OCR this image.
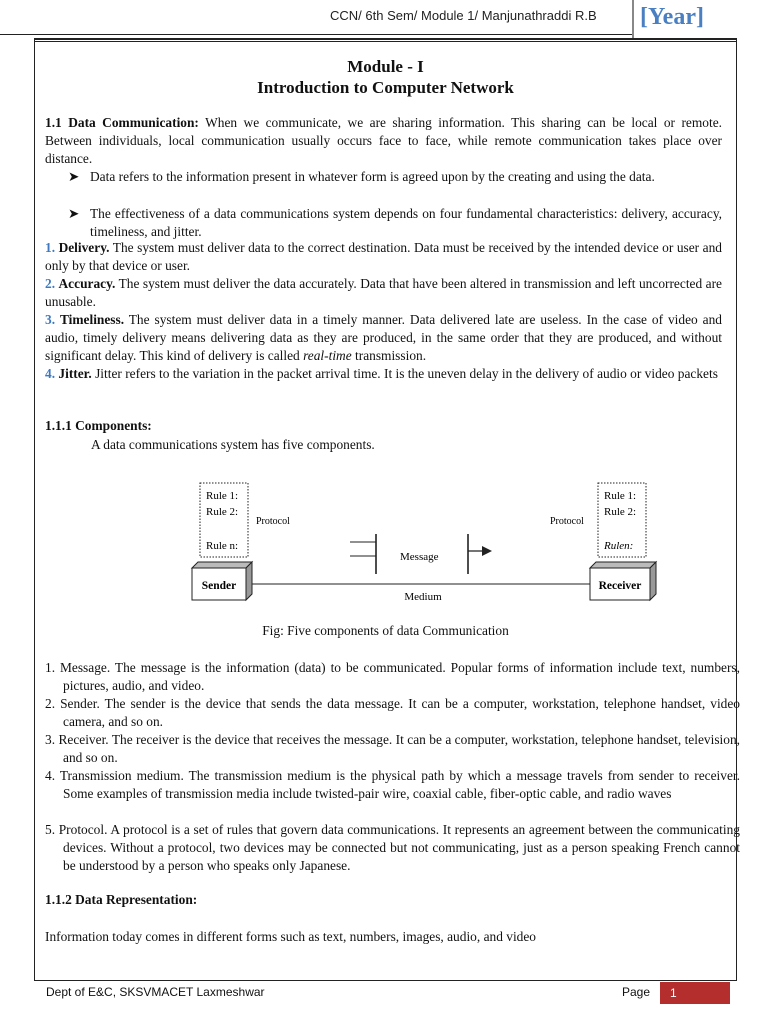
CCN/ 6th Sem/ Module 1/ Manjunathraddi R.B [Year]
Module - I
Introduction to Computer Network
1.1 Data Communication: When we communicate, we are sharing information. This sharing can be local or remote. Between individuals, local communication usually occurs face to face, while remote communication takes place over distance.
➤ Data refers to the information present in whatever form is agreed upon by the creating and using the data.
➤ The effectiveness of a data communications system depends on four fundamental characteristics: delivery, accuracy, timeliness, and jitter.
1. Delivery. The system must deliver data to the correct destination. Data must be received by the intended device or user and only by that device or user.
2. Accuracy. The system must deliver the data accurately. Data that have been altered in transmission and left uncorrected are unusable.
3. Timeliness. The system must deliver data in a timely manner. Data delivered late are useless. In the case of video and audio, timely delivery means delivering data as they are produced, in the same order that they are produced, and without significant delay. This kind of delivery is called real-time transmission.
4. Jitter. Jitter refers to the variation in the packet arrival time. It is the uneven delay in the delivery of audio or video packets
1.1.1 Components:
A data communications system has five components.
Rule 1:
Rule 2:
Rule n:
Protocol
Rule 1:
Rule 2:
Rulen:
Protocol
Message
Sender	Receiver
Medium
Fig: Five components of data Communication
1. Message. The message is the information (data) to be communicated. Popular forms of information include text, numbers, pictures, audio, and video.
2. Sender. The sender is the device that sends the data message. It can be a computer, workstation, telephone handset, video camera, and so on.
3. Receiver. The receiver is the device that receives the message. It can be a computer, workstation, telephone handset, television, and so on.
4. Transmission medium. The transmission medium is the physical path by which a message travels from sender to receiver. Some examples of transmission media include twisted-pair wire, coaxial cable, fiber-optic cable, and radio waves
5. Protocol. A protocol is a set of rules that govern data communications. It represents an agreement between the communicating devices. Without a protocol, two devices may be connected but not communicating, just as a person speaking French cannot be understood by a person who speaks only Japanese.
1.1.2 Data Representation:
Information today comes in different forms such as text, numbers, images, audio, and video
Dept of E&C, SKSVMACET Laxmeshwar	Page	1
